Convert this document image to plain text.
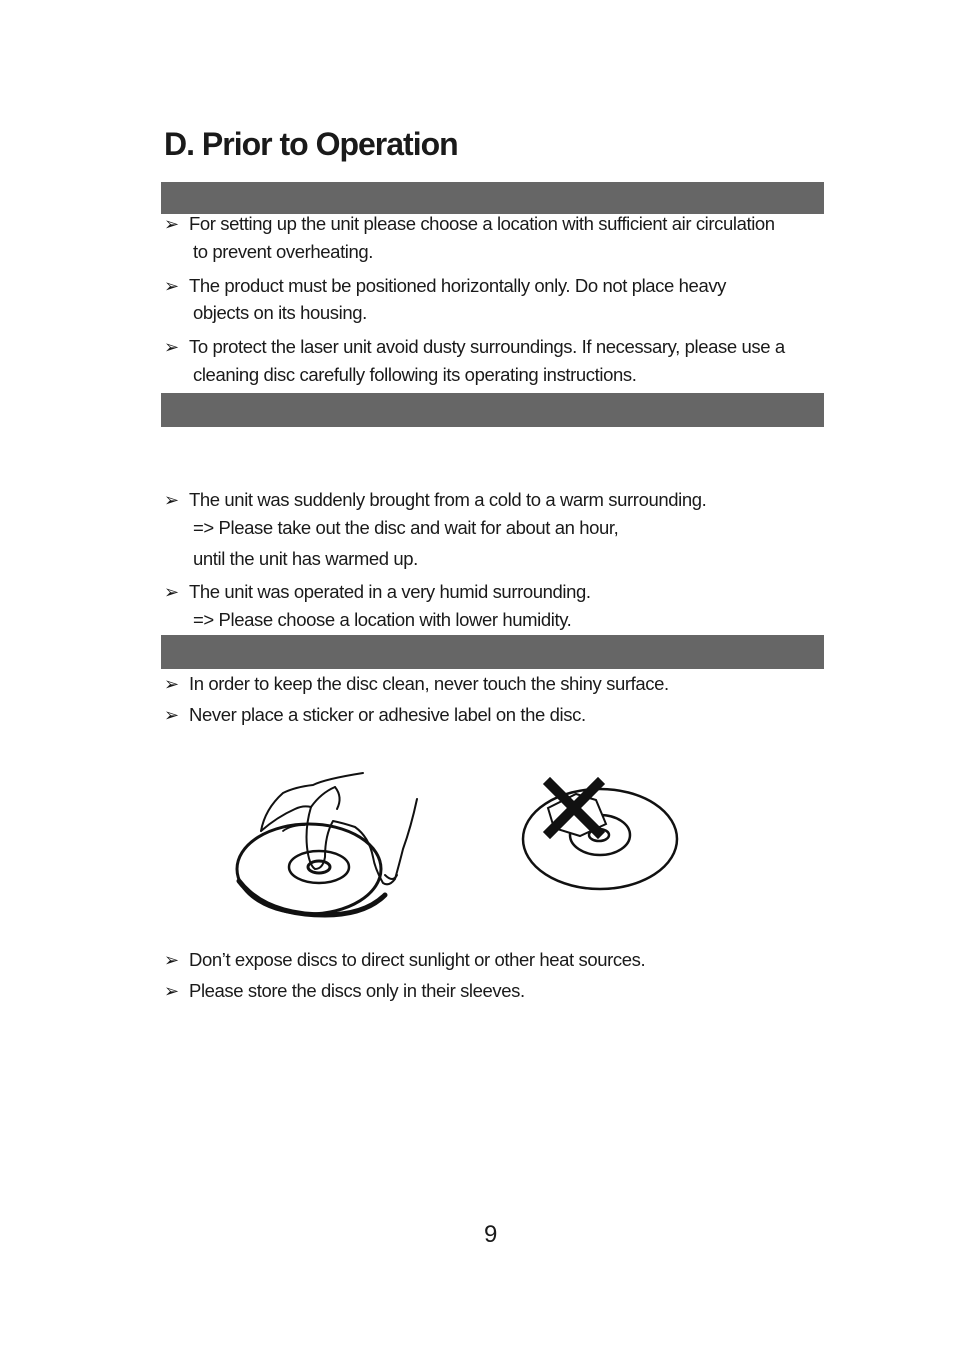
D. Prior to Operation
➢ For setting up the unit please choose a location with sufficient air circulation
to prevent overheating.
➢ The product must be positioned horizontally only. Do not place heavy
objects on its housing.
➢ To protect the laser unit avoid dusty surroundings. If necessary, please use a
cleaning disc carefully following its operating instructions.
➢ The unit was suddenly brought from a cold to a warm surrounding.
=> Please take out the disc and wait for about an hour,
until the unit has warmed up.
➢ The unit was operated in a very humid surrounding.
=> Please choose a location with lower humidity.
➢ In order to keep the disc clean, never touch the shiny surface.
➢ Never place a sticker or adhesive label on the disc.
➢ Don’t expose discs to direct sunlight or other heat sources.
➢ Please store the discs only in their sleeves.
9
